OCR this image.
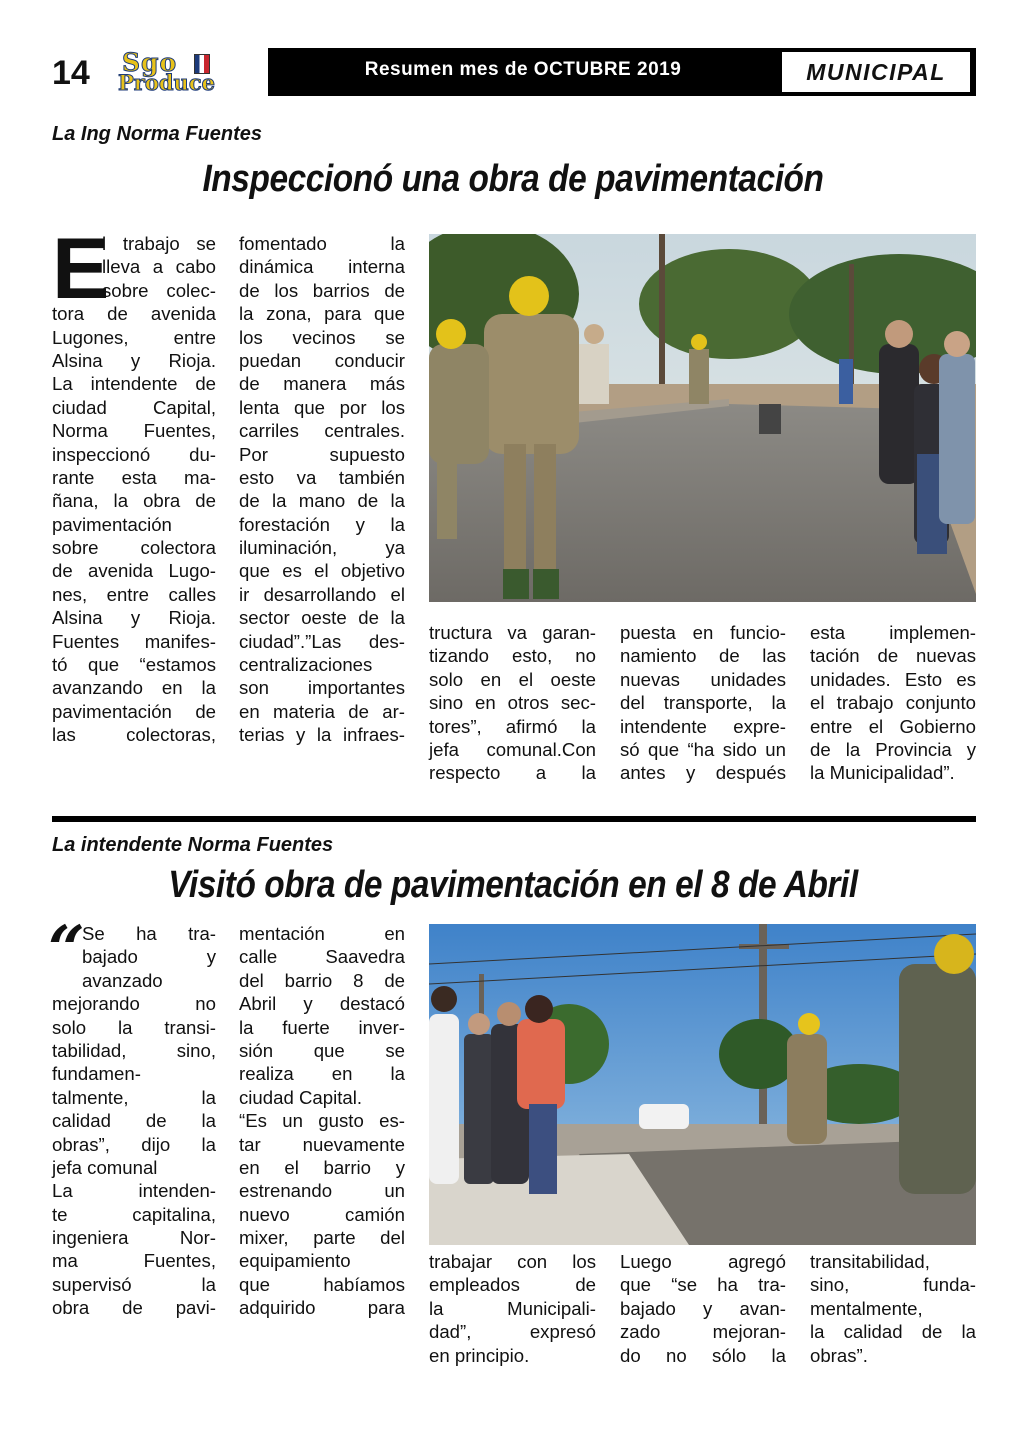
14 Sgo
Produce
Resumen mes de OCTUBRE 2019	MUNICIPAL
La Ing Norma Fuentes
Inspeccionó una obra de pavimentación
E
l trabajo se
lleva a cabo
sobre colec-
tora de avenida
Lugones, entre
Alsina y Rioja.
La intendente de
ciudad Capital,
Norma Fuentes,
inspeccionó du-
rante esta ma-
ñana, la obra de
pavimentación
sobre colectora
de avenida Lugo-
nes, entre calles
Alsina y Rioja.
Fuentes manifes-
tó que “estamos
avanzando en la
pavimentación de
las colectoras,
fomentado la
dinámica interna
de los barrios de
la zona, para que
los vecinos se
puedan conducir
de manera más
lenta que por los
carriles centrales.
Por supuesto
esto va también
de la mano de la
forestación y la
iluminación, ya
que es el objetivo
ir desarrollando el
sector oeste de la
ciudad”.”Las des-
centralizaciones
son importantes
en materia de ar-
terias y la infraes-
tructura va garan-
tizando esto, no
solo en el oeste
sino en otros sec-
tores”, afirmó la
jefa comunal.Con
respecto a la
puesta en funcio-
namiento de las
nuevas unidades
del transporte, la
intendente expre-
só que “ha sido un
antes y después
esta implemen-
tación de nuevas
unidades. Esto es
el trabajo conjunto
entre el Gobierno
de la Provincia y
la Municipalidad”.
La intendente Norma Fuentes
Visitó obra de pavimentación en el 8 de Abril
“
Se ha tra-
bajado y
avanzado
mejorando no
solo la transi-
tabilidad, sino,
fundamen-
talmente, la
calidad de la
obras”, dijo la
jefa comunal
La intenden-
te capitalina,
ingeniera Nor-
ma Fuentes,
supervisó la
obra de pavi-
mentación en
calle Saavedra
del barrio 8 de
Abril y destacó
la fuerte inver-
sión que se
realiza en la
ciudad Capital.
“Es un gusto es-
tar nuevamente
en el barrio y
estrenando un
nuevo camión
mixer, parte del
equipamiento
que habíamos
adquirido para
trabajar con los
empleados de
la Municipali-
dad”, expresó
en principio.
Luego agregó
que “se ha tra-
bajado y avan-
zado mejoran-
do no sólo la
transitabilidad,
sino, funda-
mentalmente,
la calidad de la
obras”.
